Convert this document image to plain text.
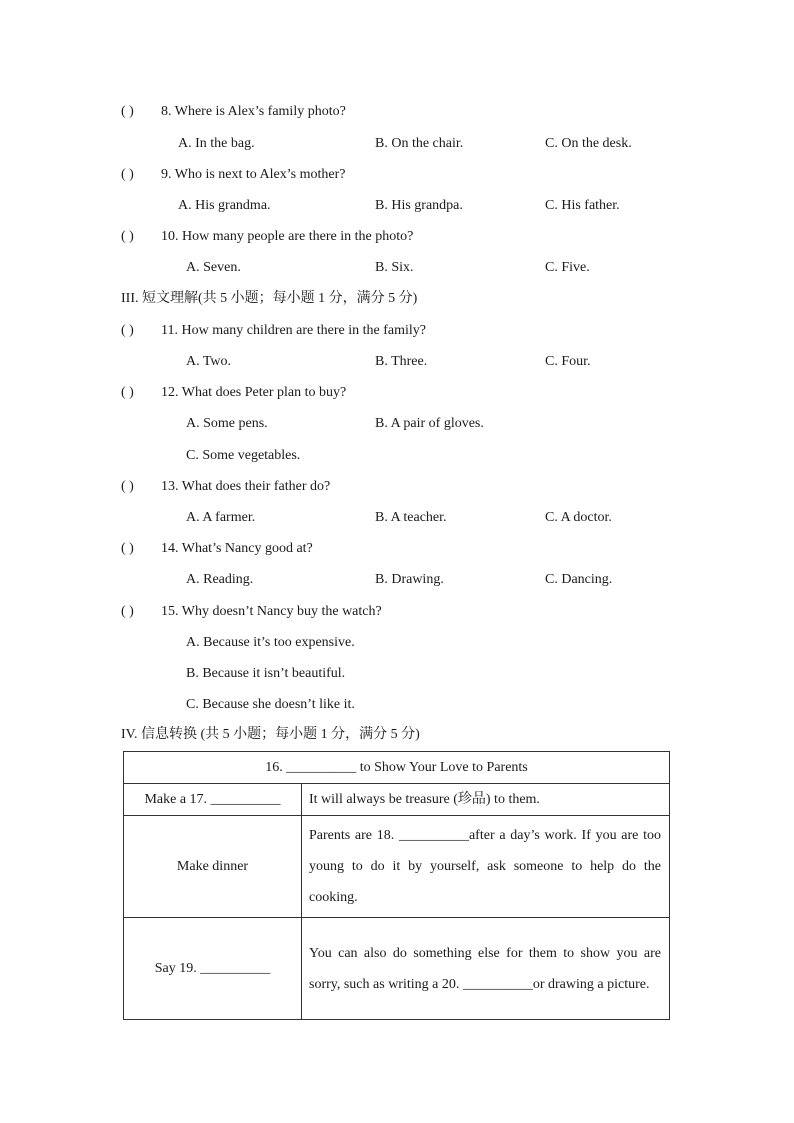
( ) 8. Where is Alex’s family photo?
A. In the bag.	B. On the chair.	C. On the desk.
( ) 9. Who is next to Alex’s mother?
A. His grandma.	B. His grandpa.	C. His father.
( ) 10. How many people are there in the photo?
A. Seven.	B. Six.	C. Five.
III. 短文理解(共 5 小题；每小题 1 分，满分 5 分)
( ) 11. How many children are there in the family?
A. Two.	B. Three.	C. Four.
( ) 12. What does Peter plan to buy?
A. Some pens.	B. A pair of gloves.
C. Some vegetables.
( ) 13. What does their father do?
A. A farmer.	B. A teacher.	C. A doctor.
( ) 14. What’s Nancy good at?
A. Reading.	B. Drawing.	C. Dancing.
( ) 15. Why doesn’t Nancy buy the watch?
A. Because it’s too expensive.
B. Because it isn’t beautiful.
C. Because she doesn’t like it.
IV. 信息转换 (共 5 小题；每小题 1 分，满分 5 分)
16. __________ to Show Your Love to Parents	
Make a 17. __________	It will always be treasure (珍品) to them.
Make dinner	Parents are 18. __________after a day’s work. If you are too young to do it by yourself, ask someone to help do the cooking.
Say 19. __________	You can also do something else for them to show you are sorry, such as writing a 20. __________or drawing a picture.
